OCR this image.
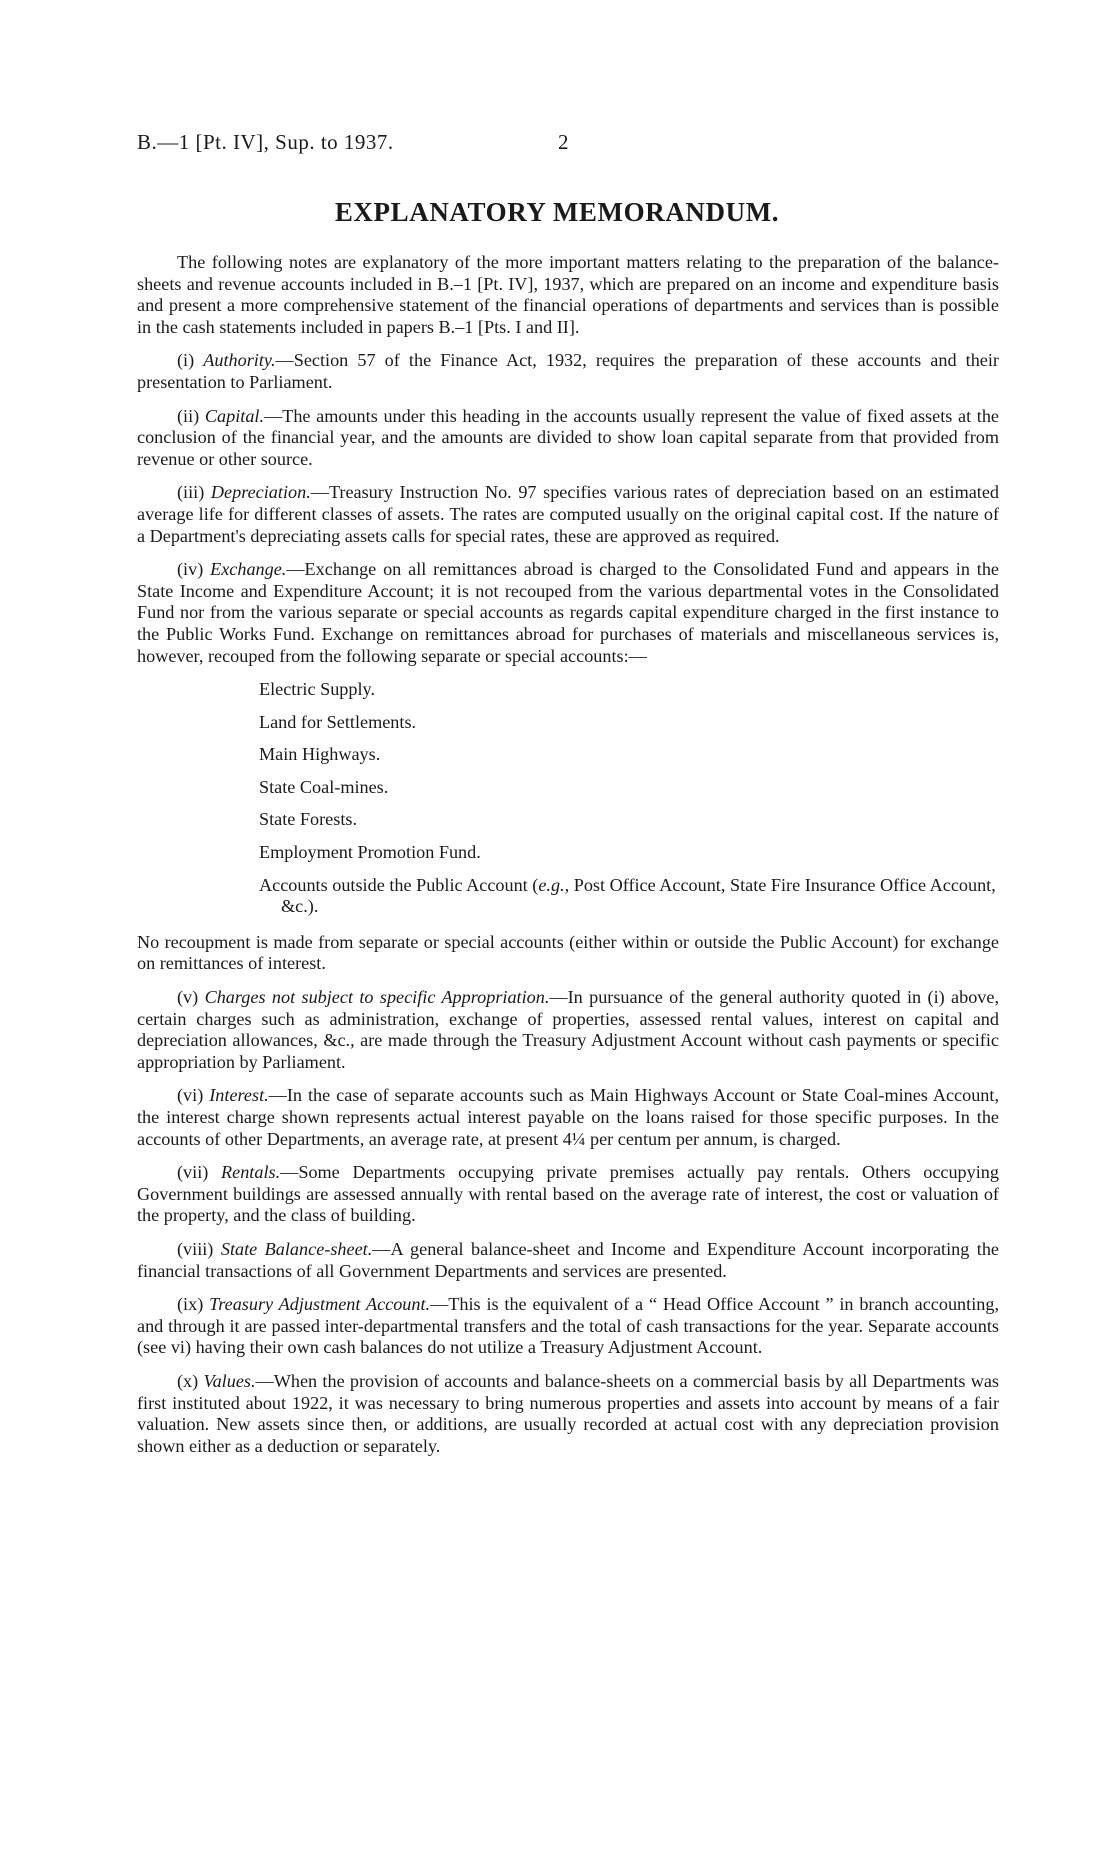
B.—1 [Pt. IV], Sup. to 1937.	2
EXPLANATORY MEMORANDUM.

The following notes are explanatory of the more important matters relating to the preparation of the balance-sheets and revenue accounts included in B.–1 [Pt. IV], 1937, which are prepared on an income and expenditure basis and present a more comprehensive statement of the financial operations of departments and services than is possible in the cash statements included in papers B.–1 [Pts. I and II].

(i) Authority.—Section 57 of the Finance Act, 1932, requires the preparation of these accounts and their presentation to Parliament.

(ii) Capital.—The amounts under this heading in the accounts usually represent the value of fixed assets at the conclusion of the financial year, and the amounts are divided to show loan capital separate from that provided from revenue or other source.

(iii) Depreciation.—Treasury Instruction No. 97 specifies various rates of depreciation based on an estimated average life for different classes of assets. The rates are computed usually on the original capital cost. If the nature of a Department's depreciating assets calls for special rates, these are approved as required.

(iv) Exchange.—Exchange on all remittances abroad is charged to the Consolidated Fund and appears in the State Income and Expenditure Account; it is not recouped from the various departmental votes in the Consolidated Fund nor from the various separate or special accounts as regards capital expenditure charged in the first instance to the Public Works Fund. Exchange on remittances abroad for purchases of materials and miscellaneous services is, however, recouped from the following separate or special accounts:—

Electric Supply.
Land for Settlements.
Main Highways.
State Coal-mines.
State Forests.
Employment Promotion Fund.
Accounts outside the Public Account (e.g., Post Office Account, State Fire Insurance Office Account, &c.).

No recoupment is made from separate or special accounts (either within or outside the Public Account) for exchange on remittances of interest.

(v) Charges not subject to specific Appropriation.—In pursuance of the general authority quoted in (i) above, certain charges such as administration, exchange of properties, assessed rental values, interest on capital and depreciation allowances, &c., are made through the Treasury Adjustment Account without cash payments or specific appropriation by Parliament.

(vi) Interest.—In the case of separate accounts such as Main Highways Account or State Coal-mines Account, the interest charge shown represents actual interest payable on the loans raised for those specific purposes. In the accounts of other Departments, an average rate, at present 4¼ per centum per annum, is charged.

(vii) Rentals.—Some Departments occupying private premises actually pay rentals. Others occupying Government buildings are assessed annually with rental based on the average rate of interest, the cost or valuation of the property, and the class of building.

(viii) State Balance-sheet.—A general balance-sheet and Income and Expenditure Account incorporating the financial transactions of all Government Departments and services are presented.

(ix) Treasury Adjustment Account.—This is the equivalent of a “ Head Office Account ” in branch accounting, and through it are passed inter-departmental transfers and the total of cash transactions for the year. Separate accounts (see vi) having their own cash balances do not utilize a Treasury Adjustment Account.

(x) Values.—When the provision of accounts and balance-sheets on a commercial basis by all Departments was first instituted about 1922, it was necessary to bring numerous properties and assets into account by means of a fair valuation. New assets since then, or additions, are usually recorded at actual cost with any depreciation provision shown either as a deduction or separately.
